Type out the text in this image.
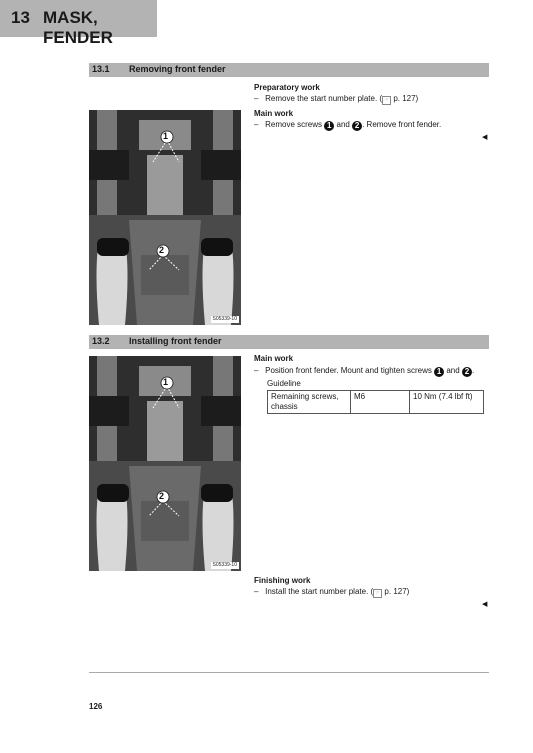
13 MASK, FENDER
13.1 Removing front fender
1
2
S05339-10
Preparatory work
– Remove the start number plate. ( ☞ p. 127)
Main work
– Remove screws 1 and 2 . Remove front fender.
◀
13.2 Installing front fender
1
2
S05339-10
Main work
– Position front fender. Mount and tighten screws 1 and 2 .
Guideline
Remaining screws,
chassis	M6	10 Nm (7.4 lbf ft)
Finishing work
– Install the start number plate. ( ☞ p. 127)
◀
126
